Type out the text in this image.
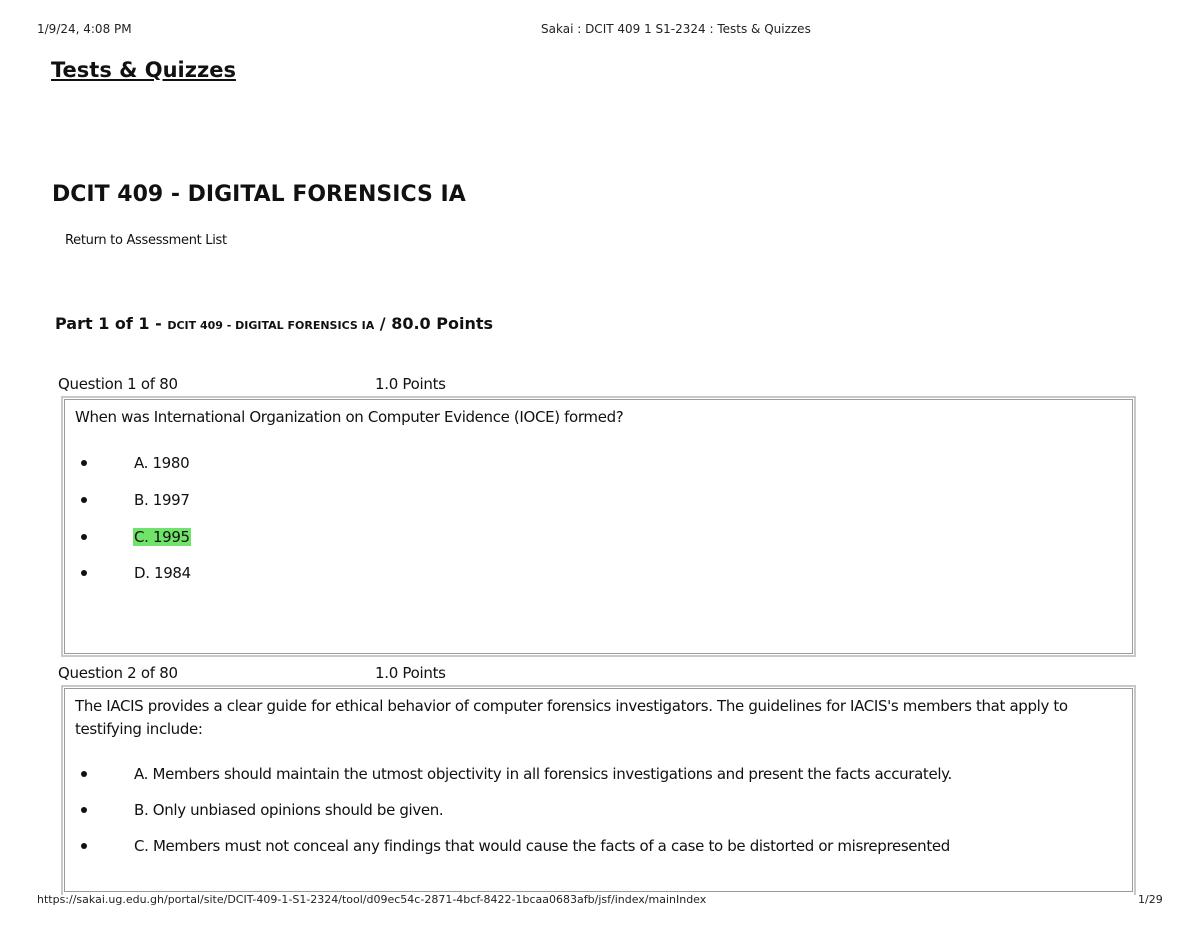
1/9/24, 4:08 PM	Sakai : DCIT 409 1 S1-2324 : Tests & Quizzes
Tests & Quizzes
DCIT 409 - DIGITAL FORENSICS IA
Return to Assessment List
Part 1 of 1 - DCIT 409 - DIGITAL FORENSICS IA / 80.0 Points
Question 1 of 80	1.0 Points
When was International Organization on Computer Evidence (IOCE) formed?
A. 1980
B. 1997
C. 1995
D. 1984
Question 2 of 80	1.0 Points
The IACIS provides a clear guide for ethical behavior of computer forensics investigators. The guidelines for IACIS's members that apply to testifying include:
A. Members should maintain the utmost objectivity in all forensics investigations and present the facts accurately.
B. Only unbiased opinions should be given.
C. Members must not conceal any findings that would cause the facts of a case to be distorted or misrepresented
https://sakai.ug.edu.gh/portal/site/DCIT-409-1-S1-2324/tool/d09ec54c-2871-4bcf-8422-1bcaa0683afb/jsf/index/mainIndex	1/29
